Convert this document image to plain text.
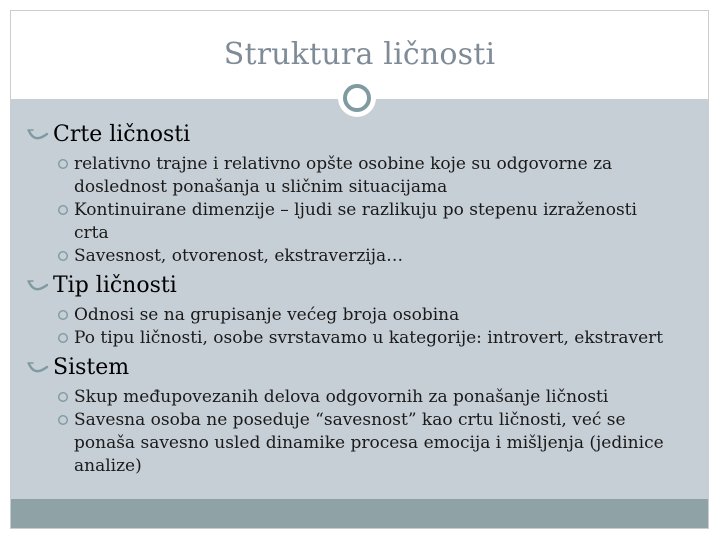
Struktura ličnosti
Crte ličnosti
relativno trajne i relativno opšte osobine koje su odgovorne za doslednost ponašanja u sličnim situacijama
Kontinuirane dimenzije – ljudi se razlikuju po stepenu izraženosti crta
Savesnost, otvorenost, ekstraverzija…
Tip ličnosti
Odnosi se na grupisanje većeg broja osobina
Po tipu ličnosti, osobe svrstavamo u kategorije: introvert, ekstravert
Sistem
Skup međupovezanih delova odgovornih za ponašanje ličnosti
Savesna osoba ne poseduje “savesnost” kao crtu ličnosti, već se ponaša savesno usled dinamike procesa emocija i mišljenja (jedinice analize)
